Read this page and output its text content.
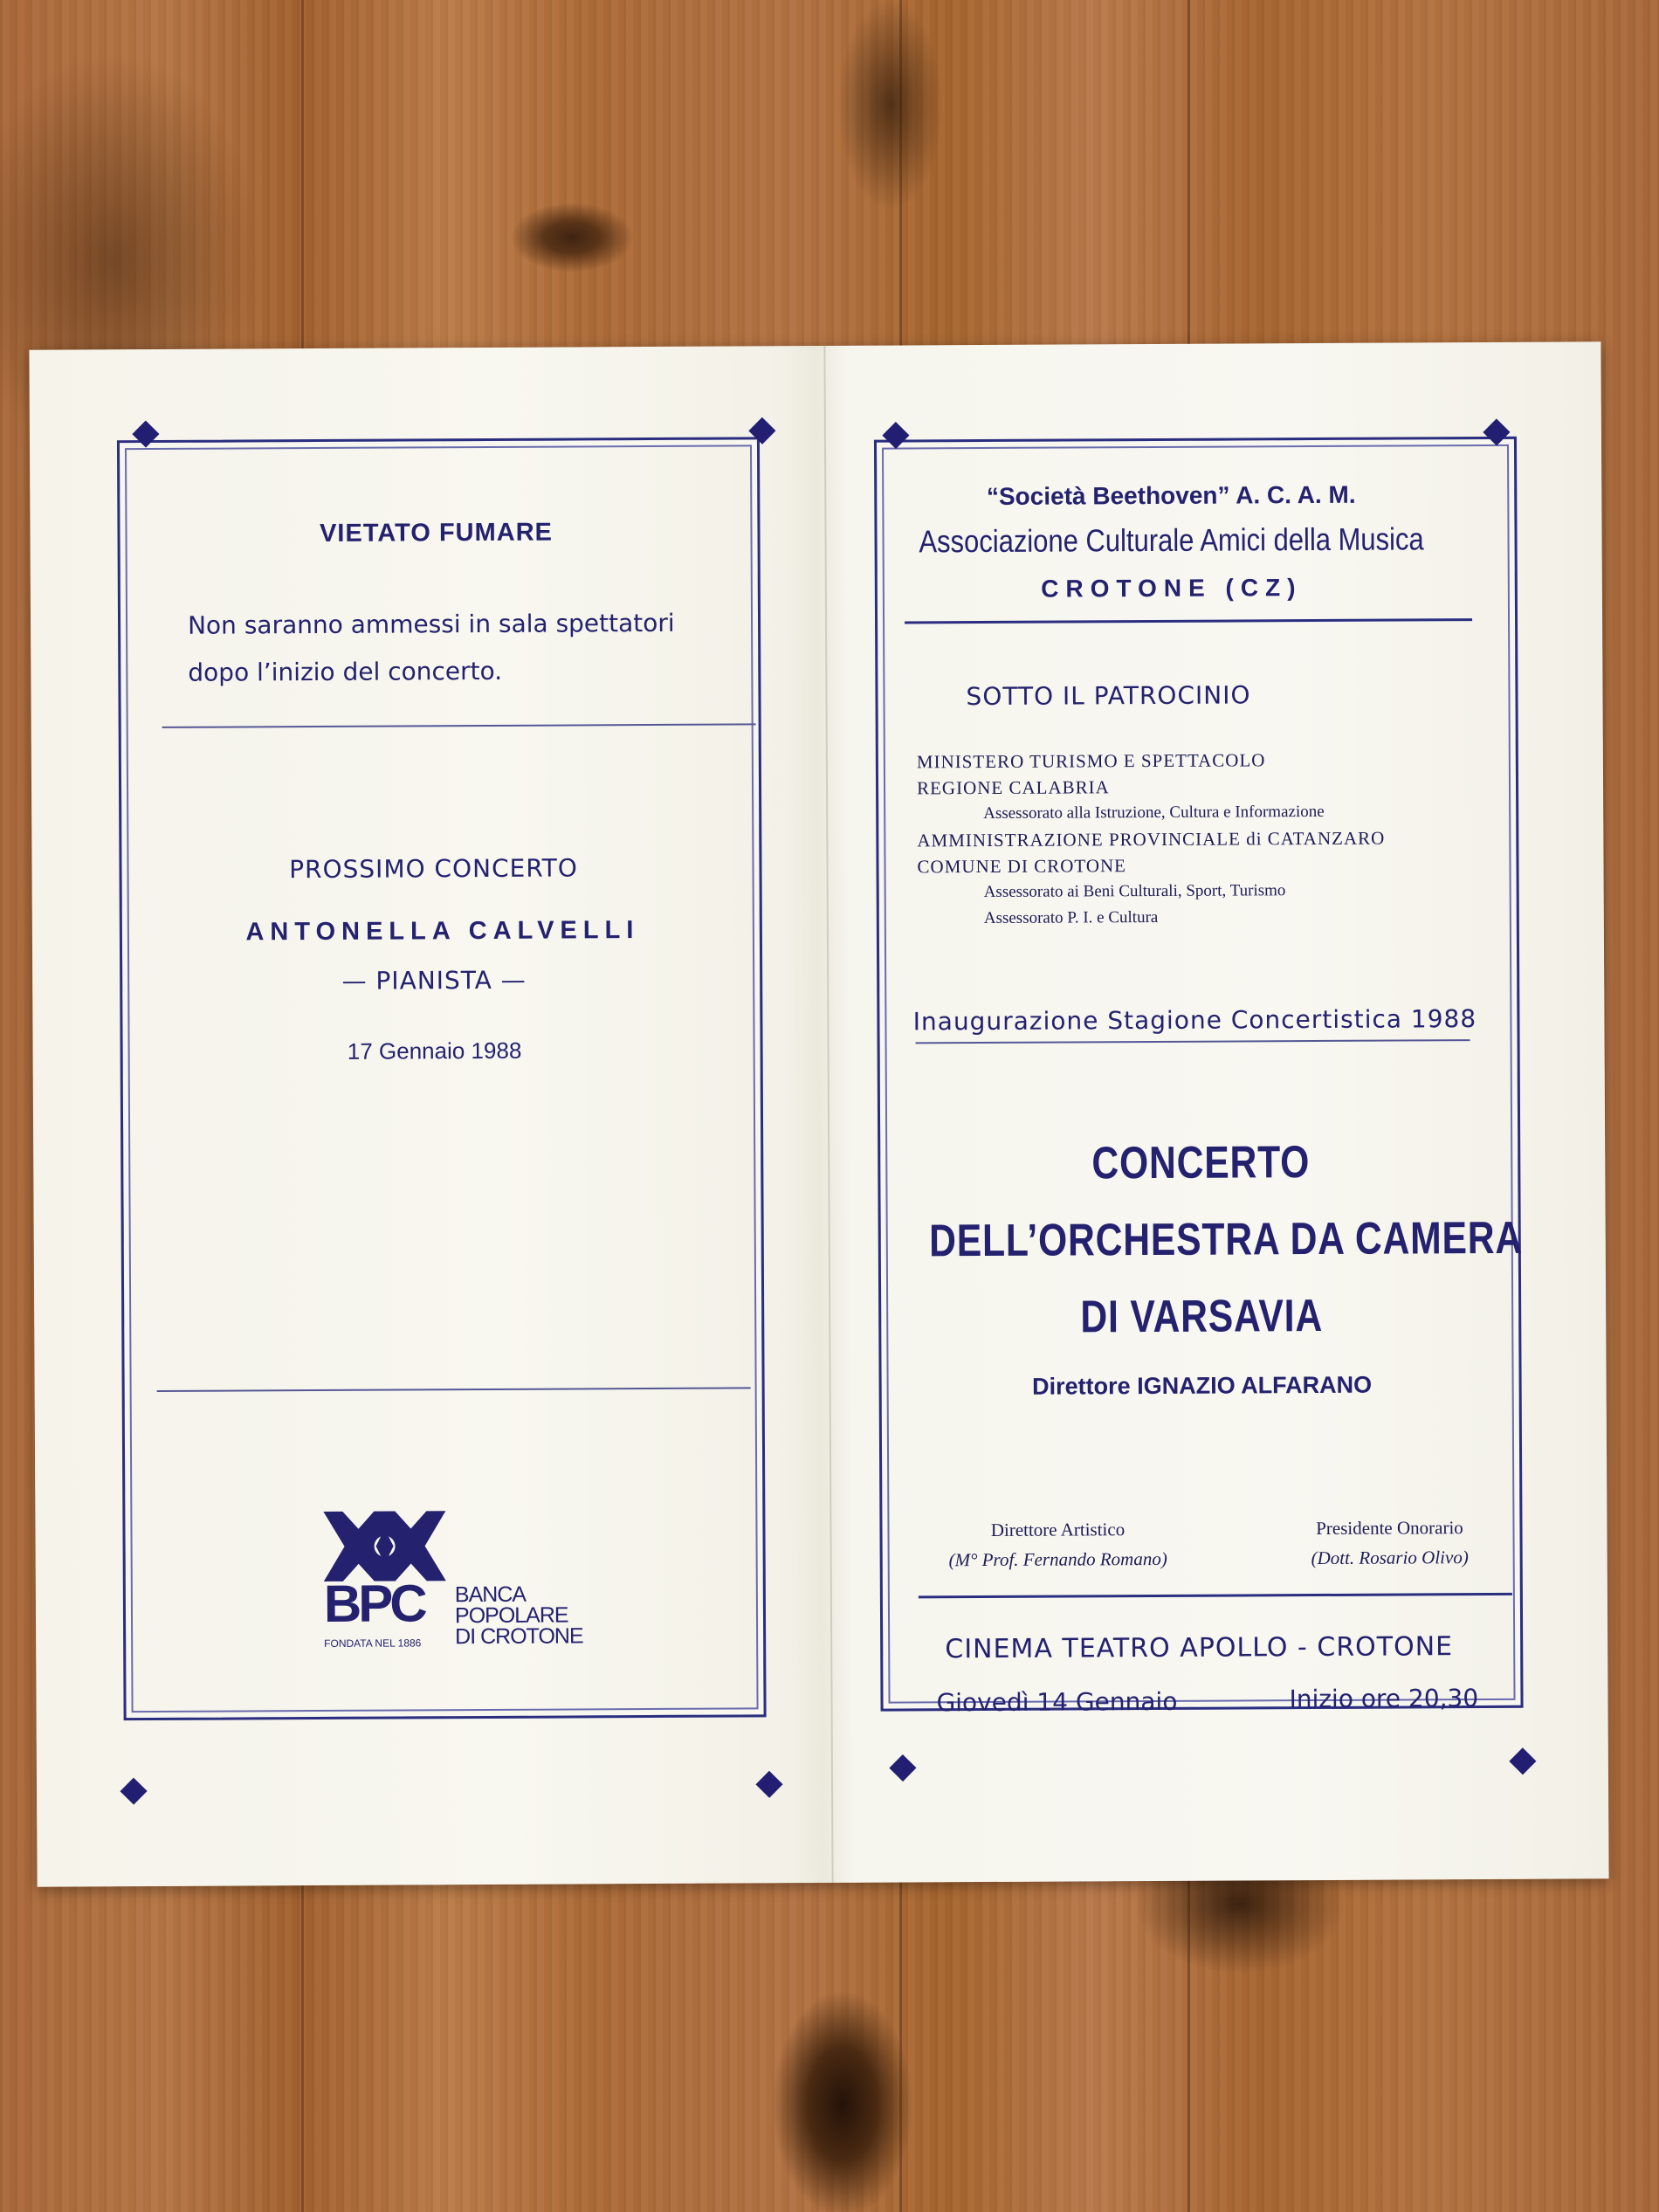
VIETATO FUMARE
Non saranno ammessi in sala spettatori
dopo l’inizio del concerto.
PROSSIMO CONCERTO
ANTONELLA CALVELLI
— PIANISTA —
17 Gennaio 1988
BPC
FONDATA NEL 1886
BANCA
POPOLARE
DI CROTONE
“Società Beethoven” A. C. A. M.
Associazione Culturale Amici della Musica
CROTONE (CZ)
SOTTO IL PATROCINIO
MINISTERO TURISMO E SPETTACOLO
REGIONE CALABRIA
Assessorato alla Istruzione, Cultura e Informazione
AMMINISTRAZIONE PROVINCIALE di CATANZARO
COMUNE DI CROTONE
Assessorato ai Beni Culturali, Sport, Turismo
Assessorato P. I. e Cultura
Inaugurazione Stagione Concertistica 1988
CONCERTO
DELL’ORCHESTRA DA CAMERA
DI VARSAVIA
Direttore IGNAZIO ALFARANO
Direttore Artistico
(M° Prof. Fernando Romano)
Presidente Onorario
(Dott. Rosario Olivo)
CINEMA TEATRO APOLLO - CROTONE
Giovedì 14 Gennaio	Inizio ore 20,30
